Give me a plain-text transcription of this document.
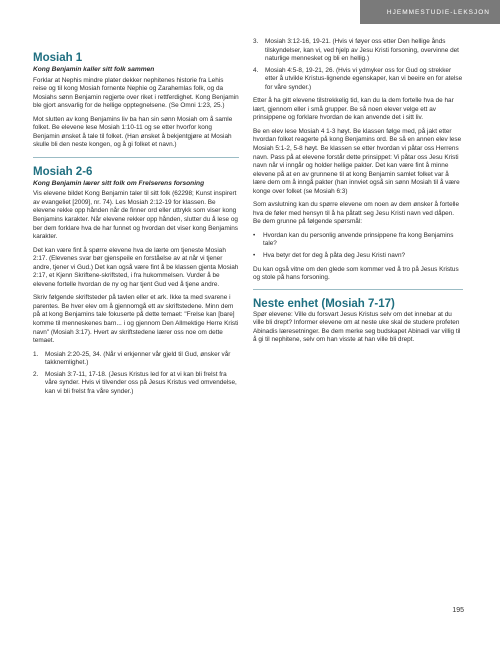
HJEMMESTUDIE-LEKSJON
Mosiah 1
Kong Benjamin kaller sitt folk sammen

Forklar at Nephis mindre plater dekker nephitenes historie fra Lehis reise og til kong Mosiah fornente Nephie og Zarahemlas folk, og da Mosiahs sønn Benjamin regjerte over riket i rettferdighet. Kong Benjamin ble gjort ansvarlig for de hellige opptegnelsene. (Se Omni 1:23, 25.)

Mot slutten av kong Benjamins liv ba han sin sønn Mosiah om å samle folket. Be elevene lese Mosiah 1:10-11 og se etter hvorfor kong Benjamin ønsket å tale til folket. (Han ønsket å bekjentgjøre at Mosiah skulle bli den neste kongen, og å gi folket et navn.)

Mosiah 2-6
Kong Benjamin lærer sitt folk om Frelserens forsoning

Vis elevene bildet Kong Benjamin taler til sitt folk (62298; Kunst inspirert av evangeliet [2009], nr. 74). Les Mosiah 2:12-19 for klassen. Be elevene rekke opp hånden når de finner ord eller uttrykk som viser kong Benjamins karakter. Når elevene rekker opp hånden, slutter du å lese og ber dem forklare hva de har funnet og hvordan det viser kong Benjamins karakter.

Det kan være fint å spørre elevene hva de lærte om tjeneste Mosiah 2:17. (Elevenes svar bør gjenspeile en forståelse av at når vi tjener andre, tjener vi Gud.) Det kan også være fint å be klassen gjenta Mosiah 2:17, et Kjenn Skriftene-skriftsted, i fra hukommelsen. Vurder å be elevene fortelle hvordan de ny og har tjent Gud ved å tjene andre.

Skriv følgende skriftsteder på tavlen eller et ark. Ikke ta med svarene i parentes. Be hver elev om å gjennomgå ett av skriftstedene. Minn dem på at kong Benjamins tale fokuserte på dette temaet: "Frelse kan [bare] komme til menneskenes barn... i og gjennom Den Allmektige Herre Kristi navn" (Mosiah 3:17). Hvert av skriftstedene lærer oss noe om dette temaet.

1.	Mosiah 2:20-25, 34. (Når vi erkjenner vår gjeld til Gud, ønsker vår takknemlighet.)
2.	Mosiah 3:7-11, 17-18. (Jesus Kristus led for at vi kan bli frelst fra våre synder. Hvis vi tilvender oss på Jesus Kristus ved omvendelse, kan vi bli frelst fra våre synder.)
3.	Mosiah 3:12-16, 19-21. (Hvis vi føyer oss etter Den hellige ånds tilskyndelser, kan vi, ved hjelp av Jesu Kristi forsoning, overvinne det naturlige mennesket og bli en hellig.)
4.	Mosiah 4:5-8, 19-21, 26. (Hvis vi ydmyker oss for Gud og strekker etter å utvikle Kristus-lignende egenskaper, kan vi beeire en for atelse for våre synder.)

Etter å ha gitt elevene tilstrekkelig tid, kan du la dem fortelle hva de har lært, gjennom eller i små grupper. Be så noen elever velge ett av prinsippene og forklare hvordan de kan anvende det i sitt liv.

Be en elev lese Mosiah 4 1-3 høyt. Be klassen følge med, på jakt etter hvordan folket reagerte på kong Benjamins ord. Be så en annen elev lese Mosiah 5:1-2, 5-8 høyt. Be klassen se etter hvordan vi påtar oss Herrens navn. Pass på at elevene forstår dette prinsippet: Vi påtar oss Jesu Kristi navn når vi inngår og holder hellige pakter. Det kan være fint å minne elevene på at en av grunnene til at kong Benjamin samlet folket var å lære dem om å inngå pakter (han innviet også sin sønn Mosiah til å være konge over folket (se Mosiah 6:3)

Som avslutning kan du spørre elevene om noen av dem ønsker å fortelle hva de føler med hensyn til å ha påtatt seg Jesu Kristi navn ved dåpen. Be dem grunne på følgende spørsmål:

•	Hvordan kan du personlig anvende prinsippene fra kong Benjamins tale?
•	Hva betyr det for deg å påta deg Jesu Kristi navn?

Du kan også vitne om den glede som kommer ved å tro på Jesus Kristus og stole på hans forsoning.

Neste enhet (Mosiah 7-17)

Spør elevene: Ville du forsvart Jesus Kristus selv om det innebar at du ville bli drept? Informer elevene om at neste uke skal de studere profeten Abinadis læresetninger. Be dem merke seg budskapet Abinadi var villig til å gi til nephitene, selv om han visste at han ville bli drept.

195
